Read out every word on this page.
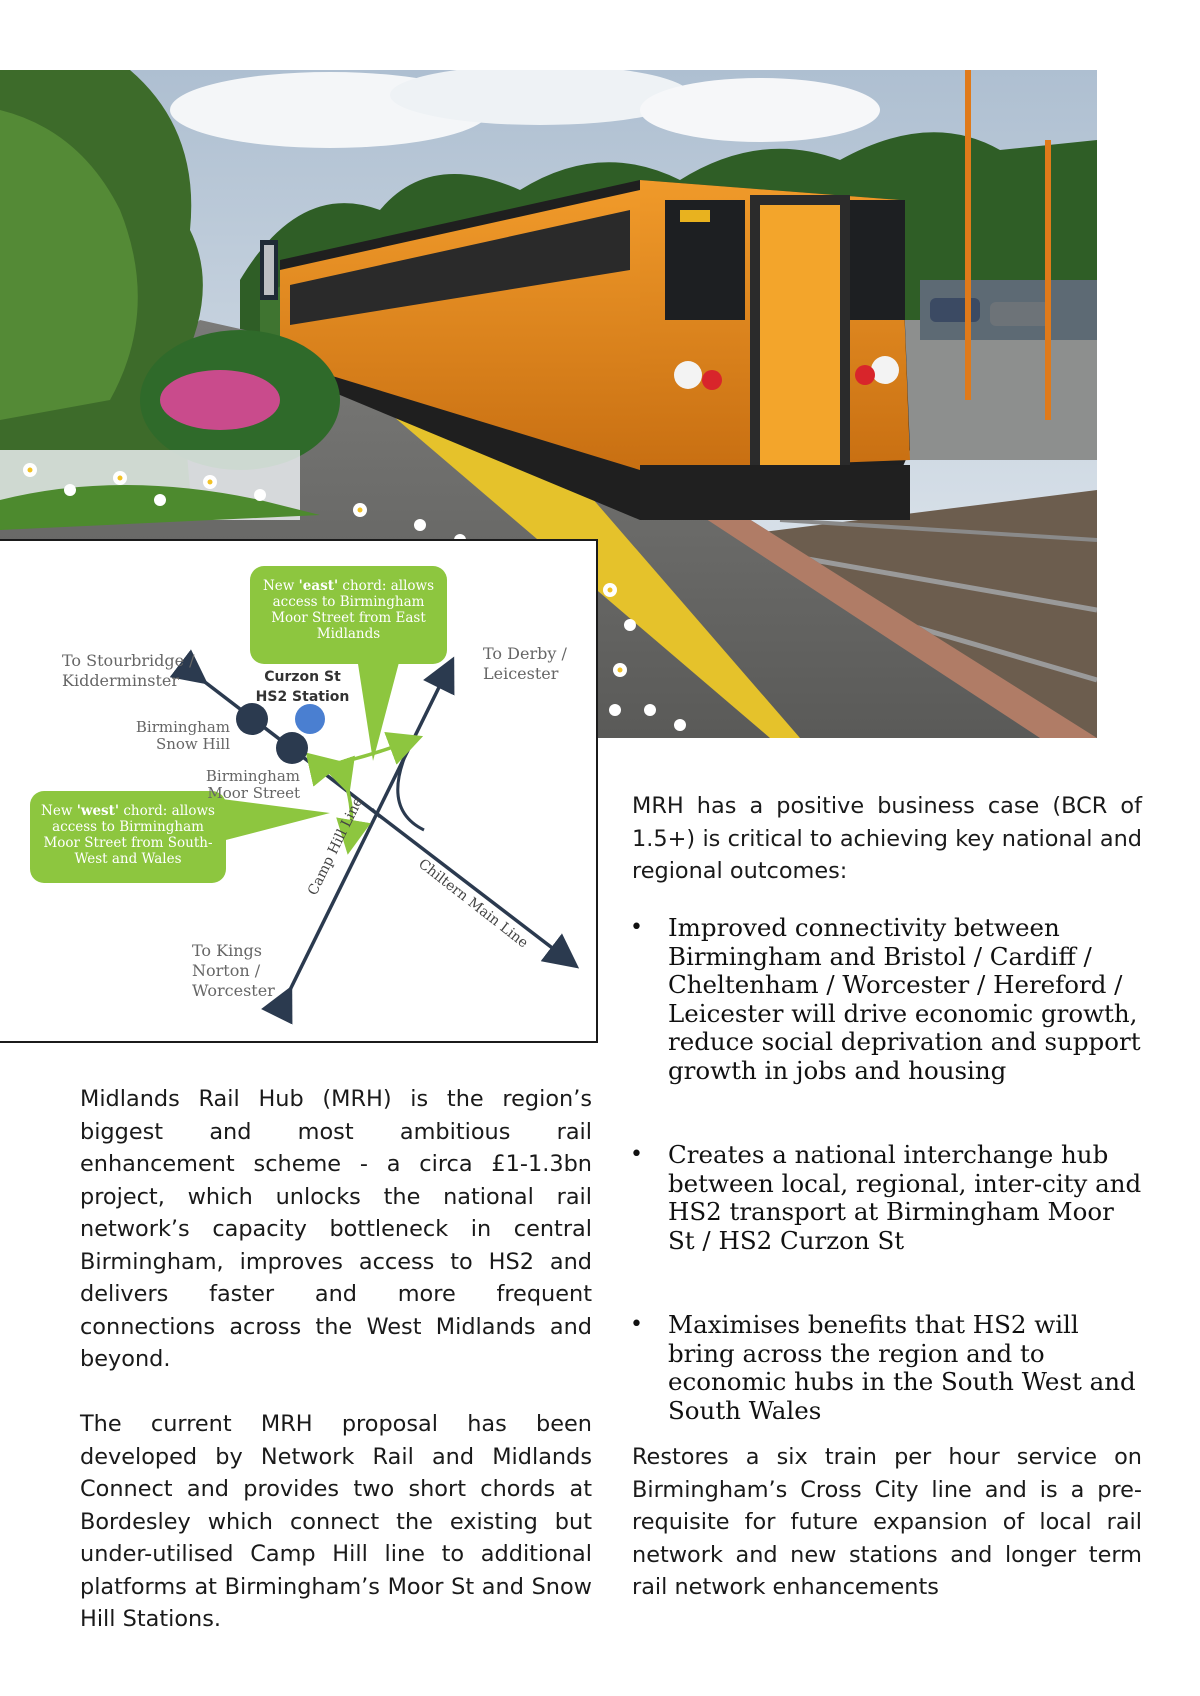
New 'east' chord: allows access to Birmingham Moor Street from East Midlands
New 'west' chord: allows access to Birmingham Moor Street from South-West and Wales
To Stourbridge / Kidderminster
To Derby / Leicester
To Kings Norton / Worcester
Birmingham Snow Hill
Birmingham Moor Street
Curzon St HS2 Station
Camp Hill Line
Chiltern Main Line

Midlands Rail Hub (MRH) is the region’s biggest and most ambitious rail enhancement scheme - a circa £1-1.3bn project, which unlocks the national rail network’s capacity bottleneck in central Birmingham, improves access to HS2 and delivers faster and more frequent connections across the West Midlands and beyond.

The current MRH proposal has been developed by Network Rail and Midlands Connect and provides two short chords at Bordesley which connect the existing but under-utilised Camp Hill line to additional platforms at Birmingham’s Moor St and Snow Hill Stations.

MRH has a positive business case (BCR of 1.5+) is critical to achieving key national and regional outcomes:

• Improved connectivity between Birmingham and Bristol / Cardiff / Cheltenham / Worcester / Hereford / Leicester will drive economic growth, reduce social deprivation and support growth in jobs and housing
• Creates a national interchange hub between local, regional, inter-city and HS2 transport at Birmingham Moor St / HS2 Curzon St
• Maximises benefits that HS2 will bring across the region and to economic hubs in the South West and South Wales

Restores a six train per hour service on Birmingham’s Cross City line and is a pre-requisite for future expansion of local rail network and new stations and longer term rail network enhancements
